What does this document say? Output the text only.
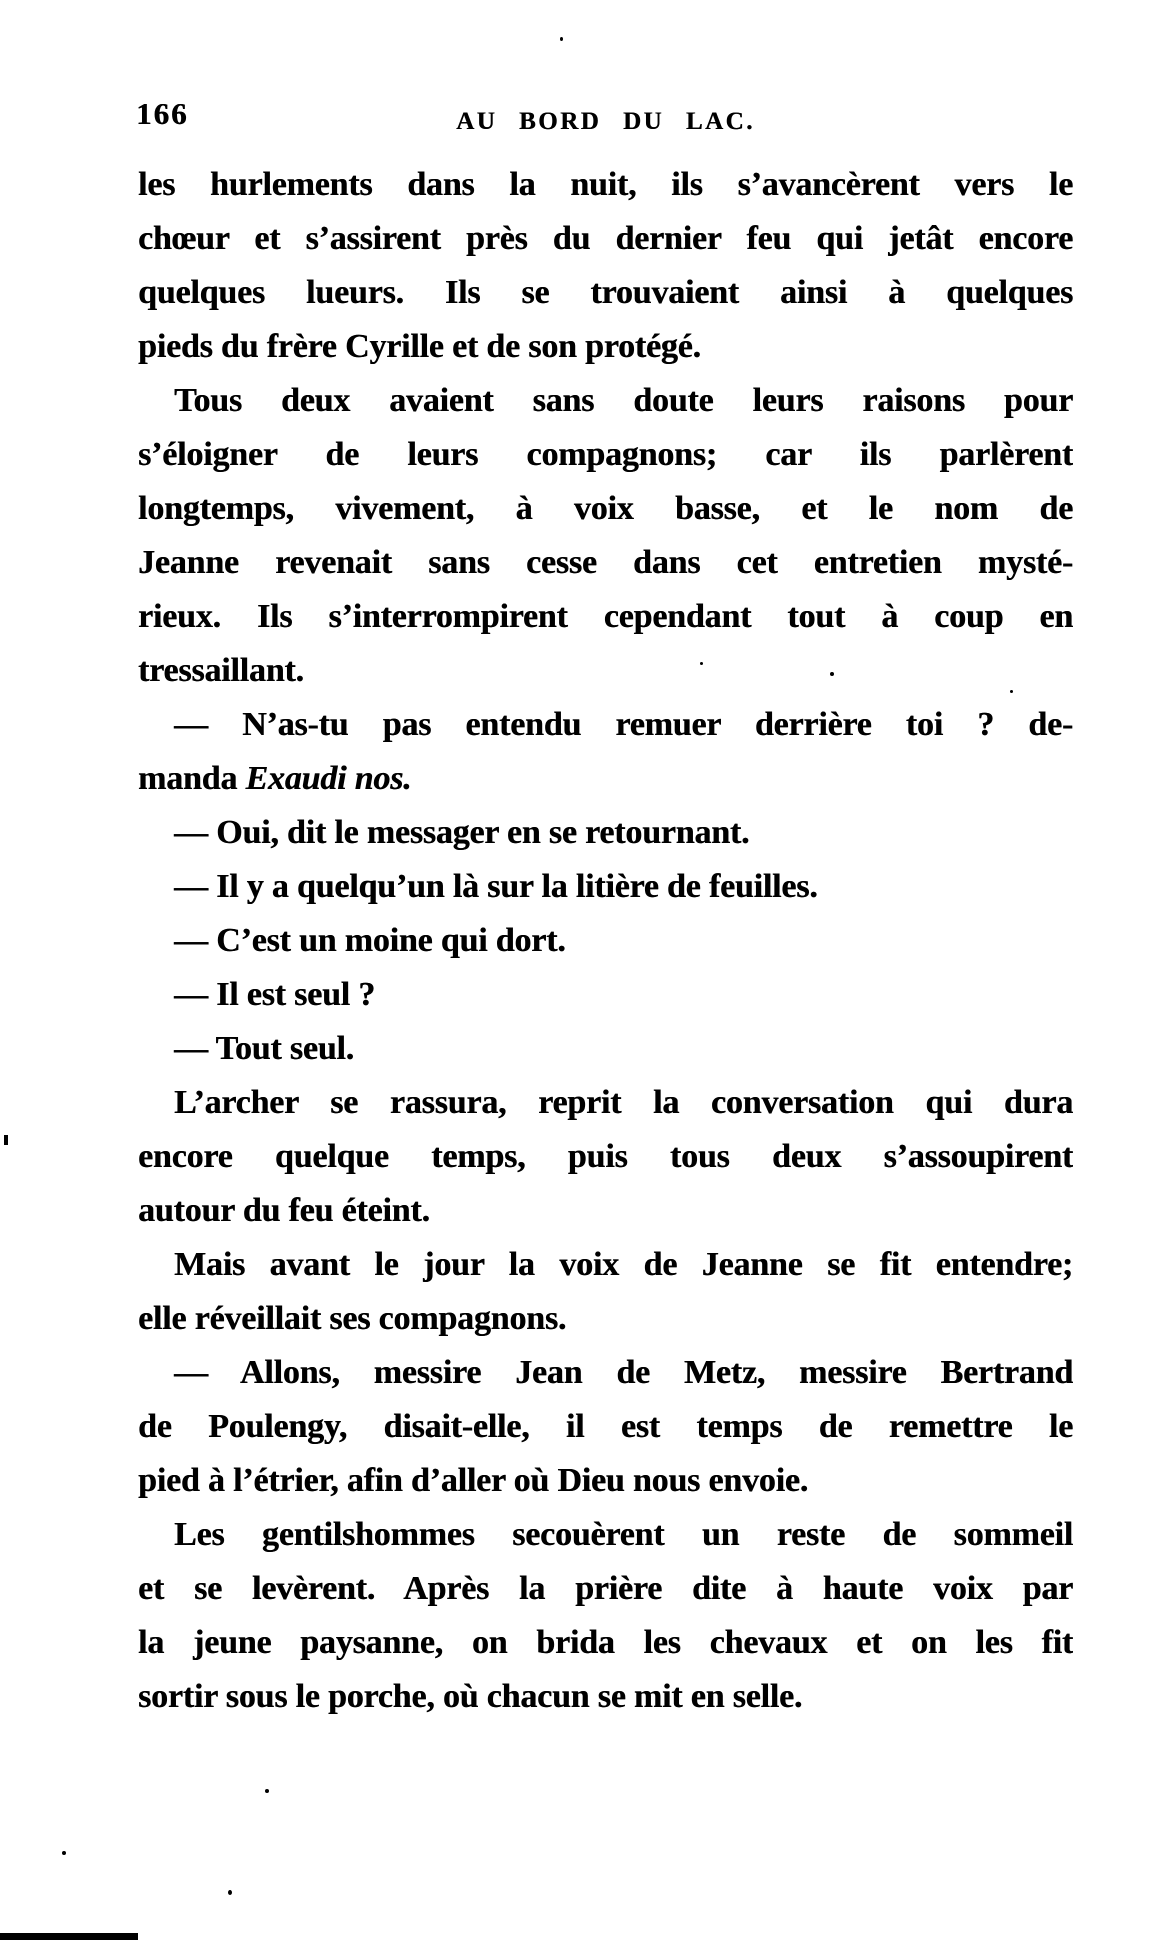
166	AU BORD DU LAC.
les hurlements dans la nuit, ils s’avancèrent vers le
chœur et s’assirent près du dernier feu qui jetât encore
quelques lueurs. Ils se trouvaient ainsi à quelques
pieds du frère Cyrille et de son protégé.
Tous deux avaient sans doute leurs raisons pour
s’éloigner de leurs compagnons; car ils parlèrent
longtemps, vivement, à voix basse, et le nom de
Jeanne revenait sans cesse dans cet entretien mysté-
rieux. Ils s’interrompirent cependant tout à coup en
tressaillant.
— N’as-tu pas entendu remuer derrière toi ? de-
manda Exaudi nos.
— Oui, dit le messager en se retournant.
— Il y a quelqu’un là sur la litière de feuilles.
— C’est un moine qui dort.
— Il est seul ?
— Tout seul.
L’archer se rassura, reprit la conversation qui dura
encore quelque temps, puis tous deux s’assoupirent
autour du feu éteint.
Mais avant le jour la voix de Jeanne se fit entendre;
elle réveillait ses compagnons.
— Allons, messire Jean de Metz, messire Bertrand
de Poulengy, disait-elle, il est temps de remettre le
pied à l’étrier, afin d’aller où Dieu nous envoie.
Les gentilshommes secouèrent un reste de sommeil
et se levèrent. Après la prière dite à haute voix par
la jeune paysanne, on brida les chevaux et on les fit
sortir sous le porche, où chacun se mit en selle.
